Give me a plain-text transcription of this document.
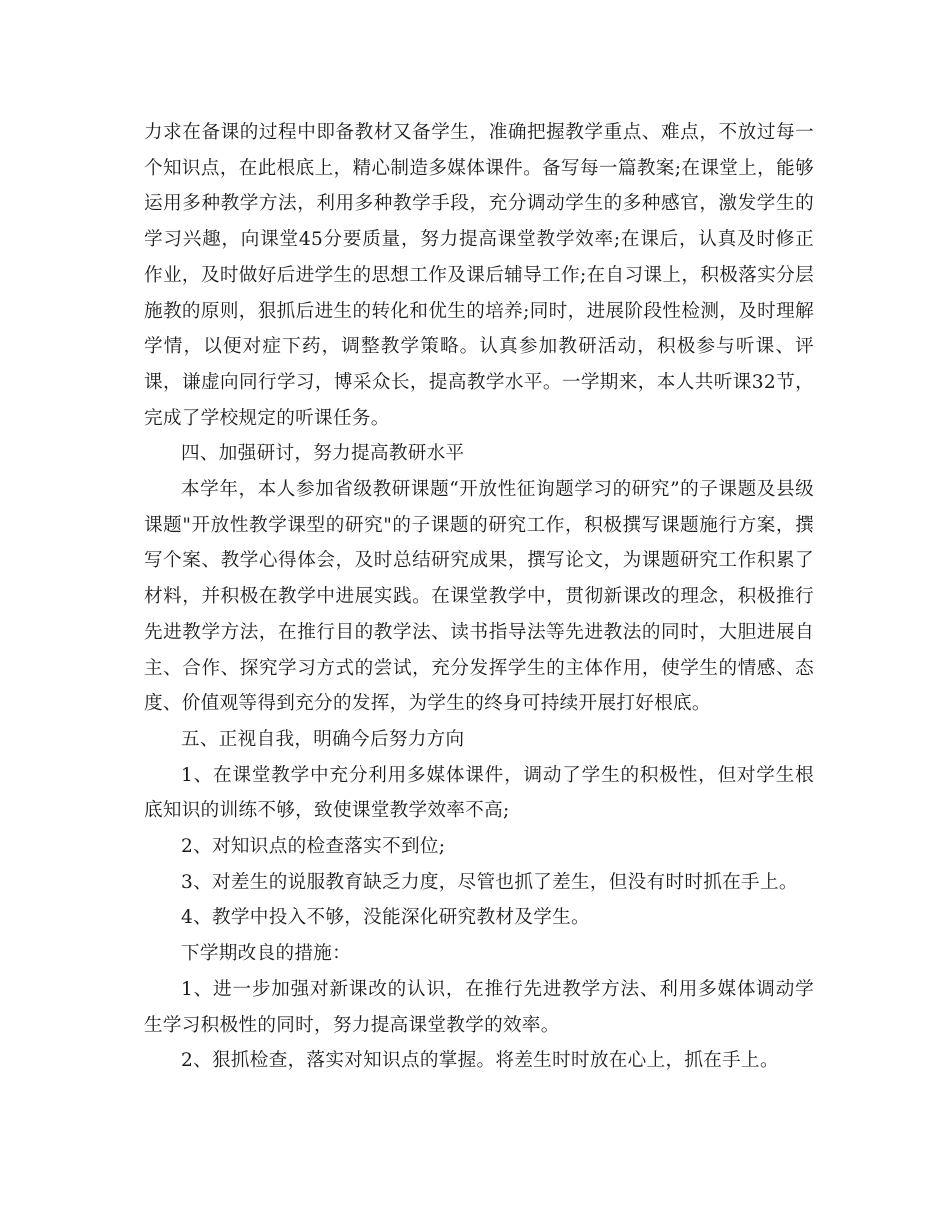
力求在备课的过程中即备教材又备学生，准确把握教学重点、难点，不放过每一个知识点，在此根底上，精心制造多媒体课件。备写每一篇教案;在课堂上，能够运用多种教学方法，利用多种教学手段，充分调动学生的多种感官，激发学生的学习兴趣，向课堂45分要质量，努力提高课堂教学效率;在课后，认真及时修正作业，及时做好后进学生的思想工作及课后辅导工作;在自习课上，积极落实分层施教的原则，狠抓后进生的转化和优生的培养;同时，进展阶段性检测，及时理解学情，以便对症下药，调整教学策略。认真参加教研活动，积极参与听课、评课，谦虚向同行学习，博采众长，提高教学水平。一学期来，本人共听课32节，完成了学校规定的听课任务。

四、加强研讨，努力提高教研水平

本学年，本人参加省级教研课题“开放性征询题学习的研究”的子课题及县级课题"开放性教学课型的研究"的子课题的研究工作，积极撰写课题施行方案，撰写个案、教学心得体会，及时总结研究成果，撰写论文，为课题研究工作积累了材料，并积极在教学中进展实践。在课堂教学中，贯彻新课改的理念，积极推行先进教学方法，在推行目的教学法、读书指导法等先进教法的同时，大胆进展自主、合作、探究学习方式的尝试，充分发挥学生的主体作用，使学生的情感、态度、价值观等得到充分的发挥，为学生的终身可持续开展打好根底。

五、正视自我，明确今后努力方向

1、在课堂教学中充分利用多媒体课件，调动了学生的积极性，但对学生根底知识的训练不够，致使课堂教学效率不高;

2、对知识点的检查落实不到位;

3、对差生的说服教育缺乏力度，尽管也抓了差生，但没有时时抓在手上。

4、教学中投入不够，没能深化研究教材及学生。

下学期改良的措施：

1、进一步加强对新课改的认识，在推行先进教学方法、利用多媒体调动学生学习积极性的同时，努力提高课堂教学的效率。

2、狠抓检查，落实对知识点的掌握。将差生时时放在心上，抓在手上。
